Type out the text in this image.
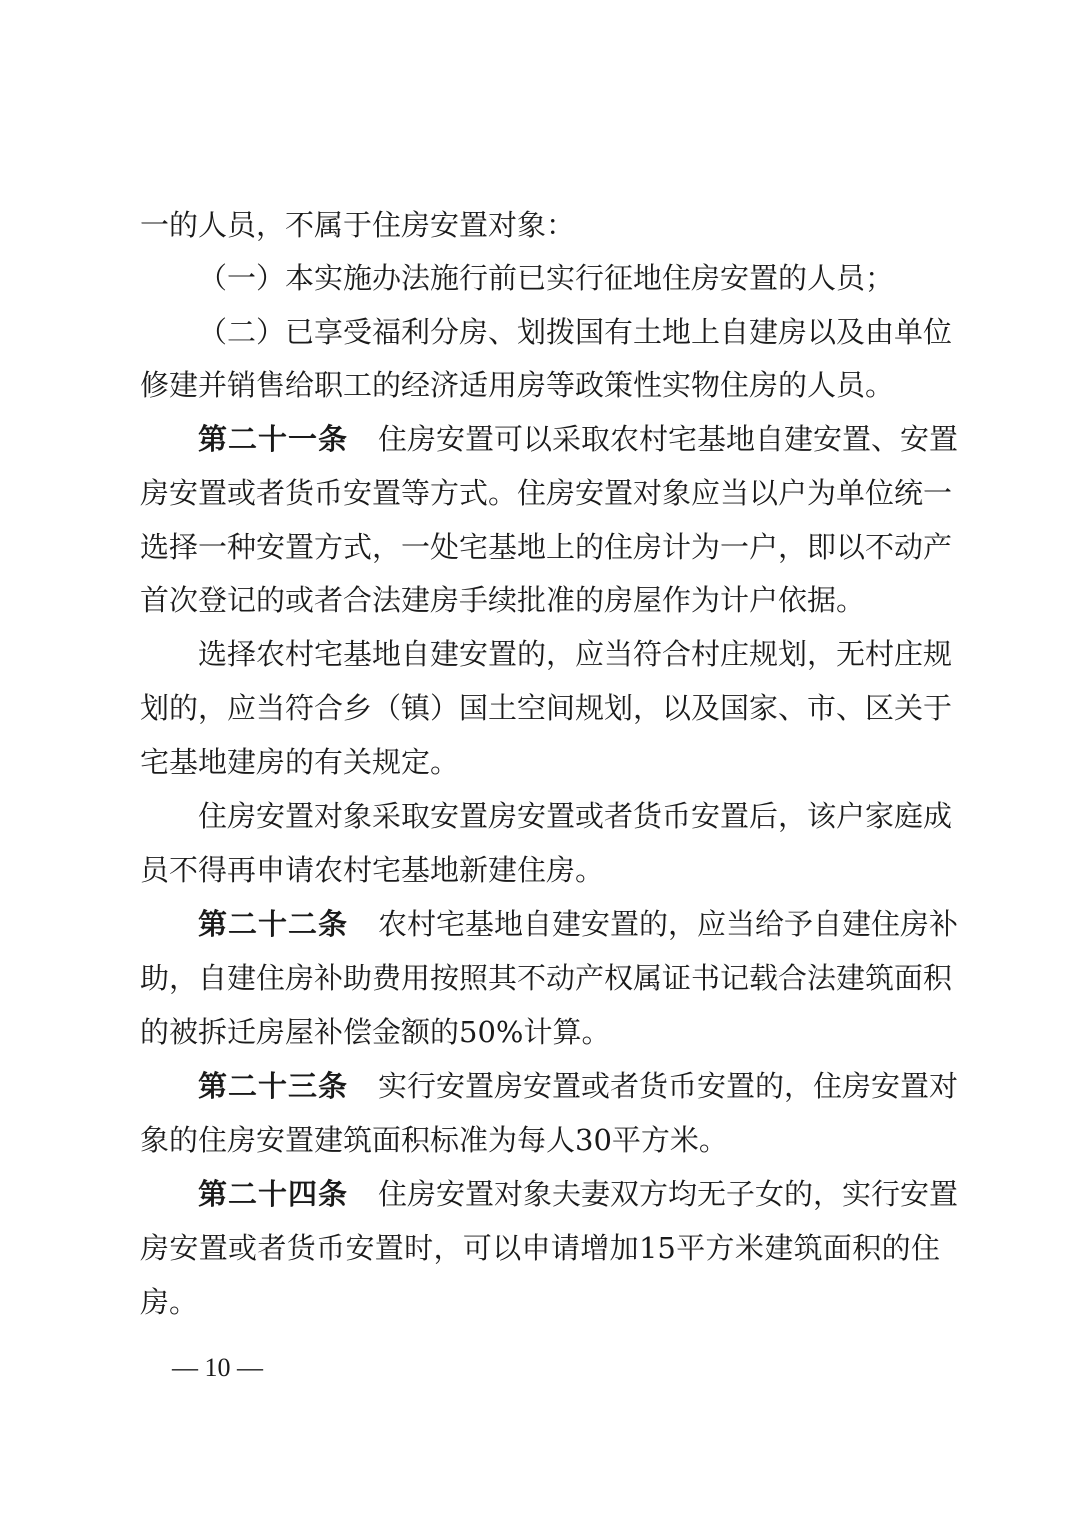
一的人员，不属于住房安置对象：
（一）本实施办法施行前已实行征地住房安置的人员；
（二）已享受福利分房、划拨国有土地上自建房以及由单位
修建并销售给职工的经济适用房等政策性实物住房的人员。
第二十一条 住房安置可以采取农村宅基地自建安置、安置
房安置或者货币安置等方式。住房安置对象应当以户为单位统一
选择一种安置方式，一处宅基地上的住房计为一户，即以不动产
首次登记的或者合法建房手续批准的房屋作为计户依据。
选择农村宅基地自建安置的，应当符合村庄规划，无村庄规
划的，应当符合乡（镇）国土空间规划，以及国家、市、区关于
宅基地建房的有关规定。
住房安置对象采取安置房安置或者货币安置后，该户家庭成
员不得再申请农村宅基地新建住房。
第二十二条 农村宅基地自建安置的，应当给予自建住房补
助，自建住房补助费用按照其不动产权属证书记载合法建筑面积
的被拆迁房屋补偿金额的50%计算。
第二十三条 实行安置房安置或者货币安置的，住房安置对
象的住房安置建筑面积标准为每人30平方米。
第二十四条 住房安置对象夫妻双方均无子女的，实行安置
房安置或者货币安置时，可以申请增加15平方米建筑面积的住
房。
— 10 —
